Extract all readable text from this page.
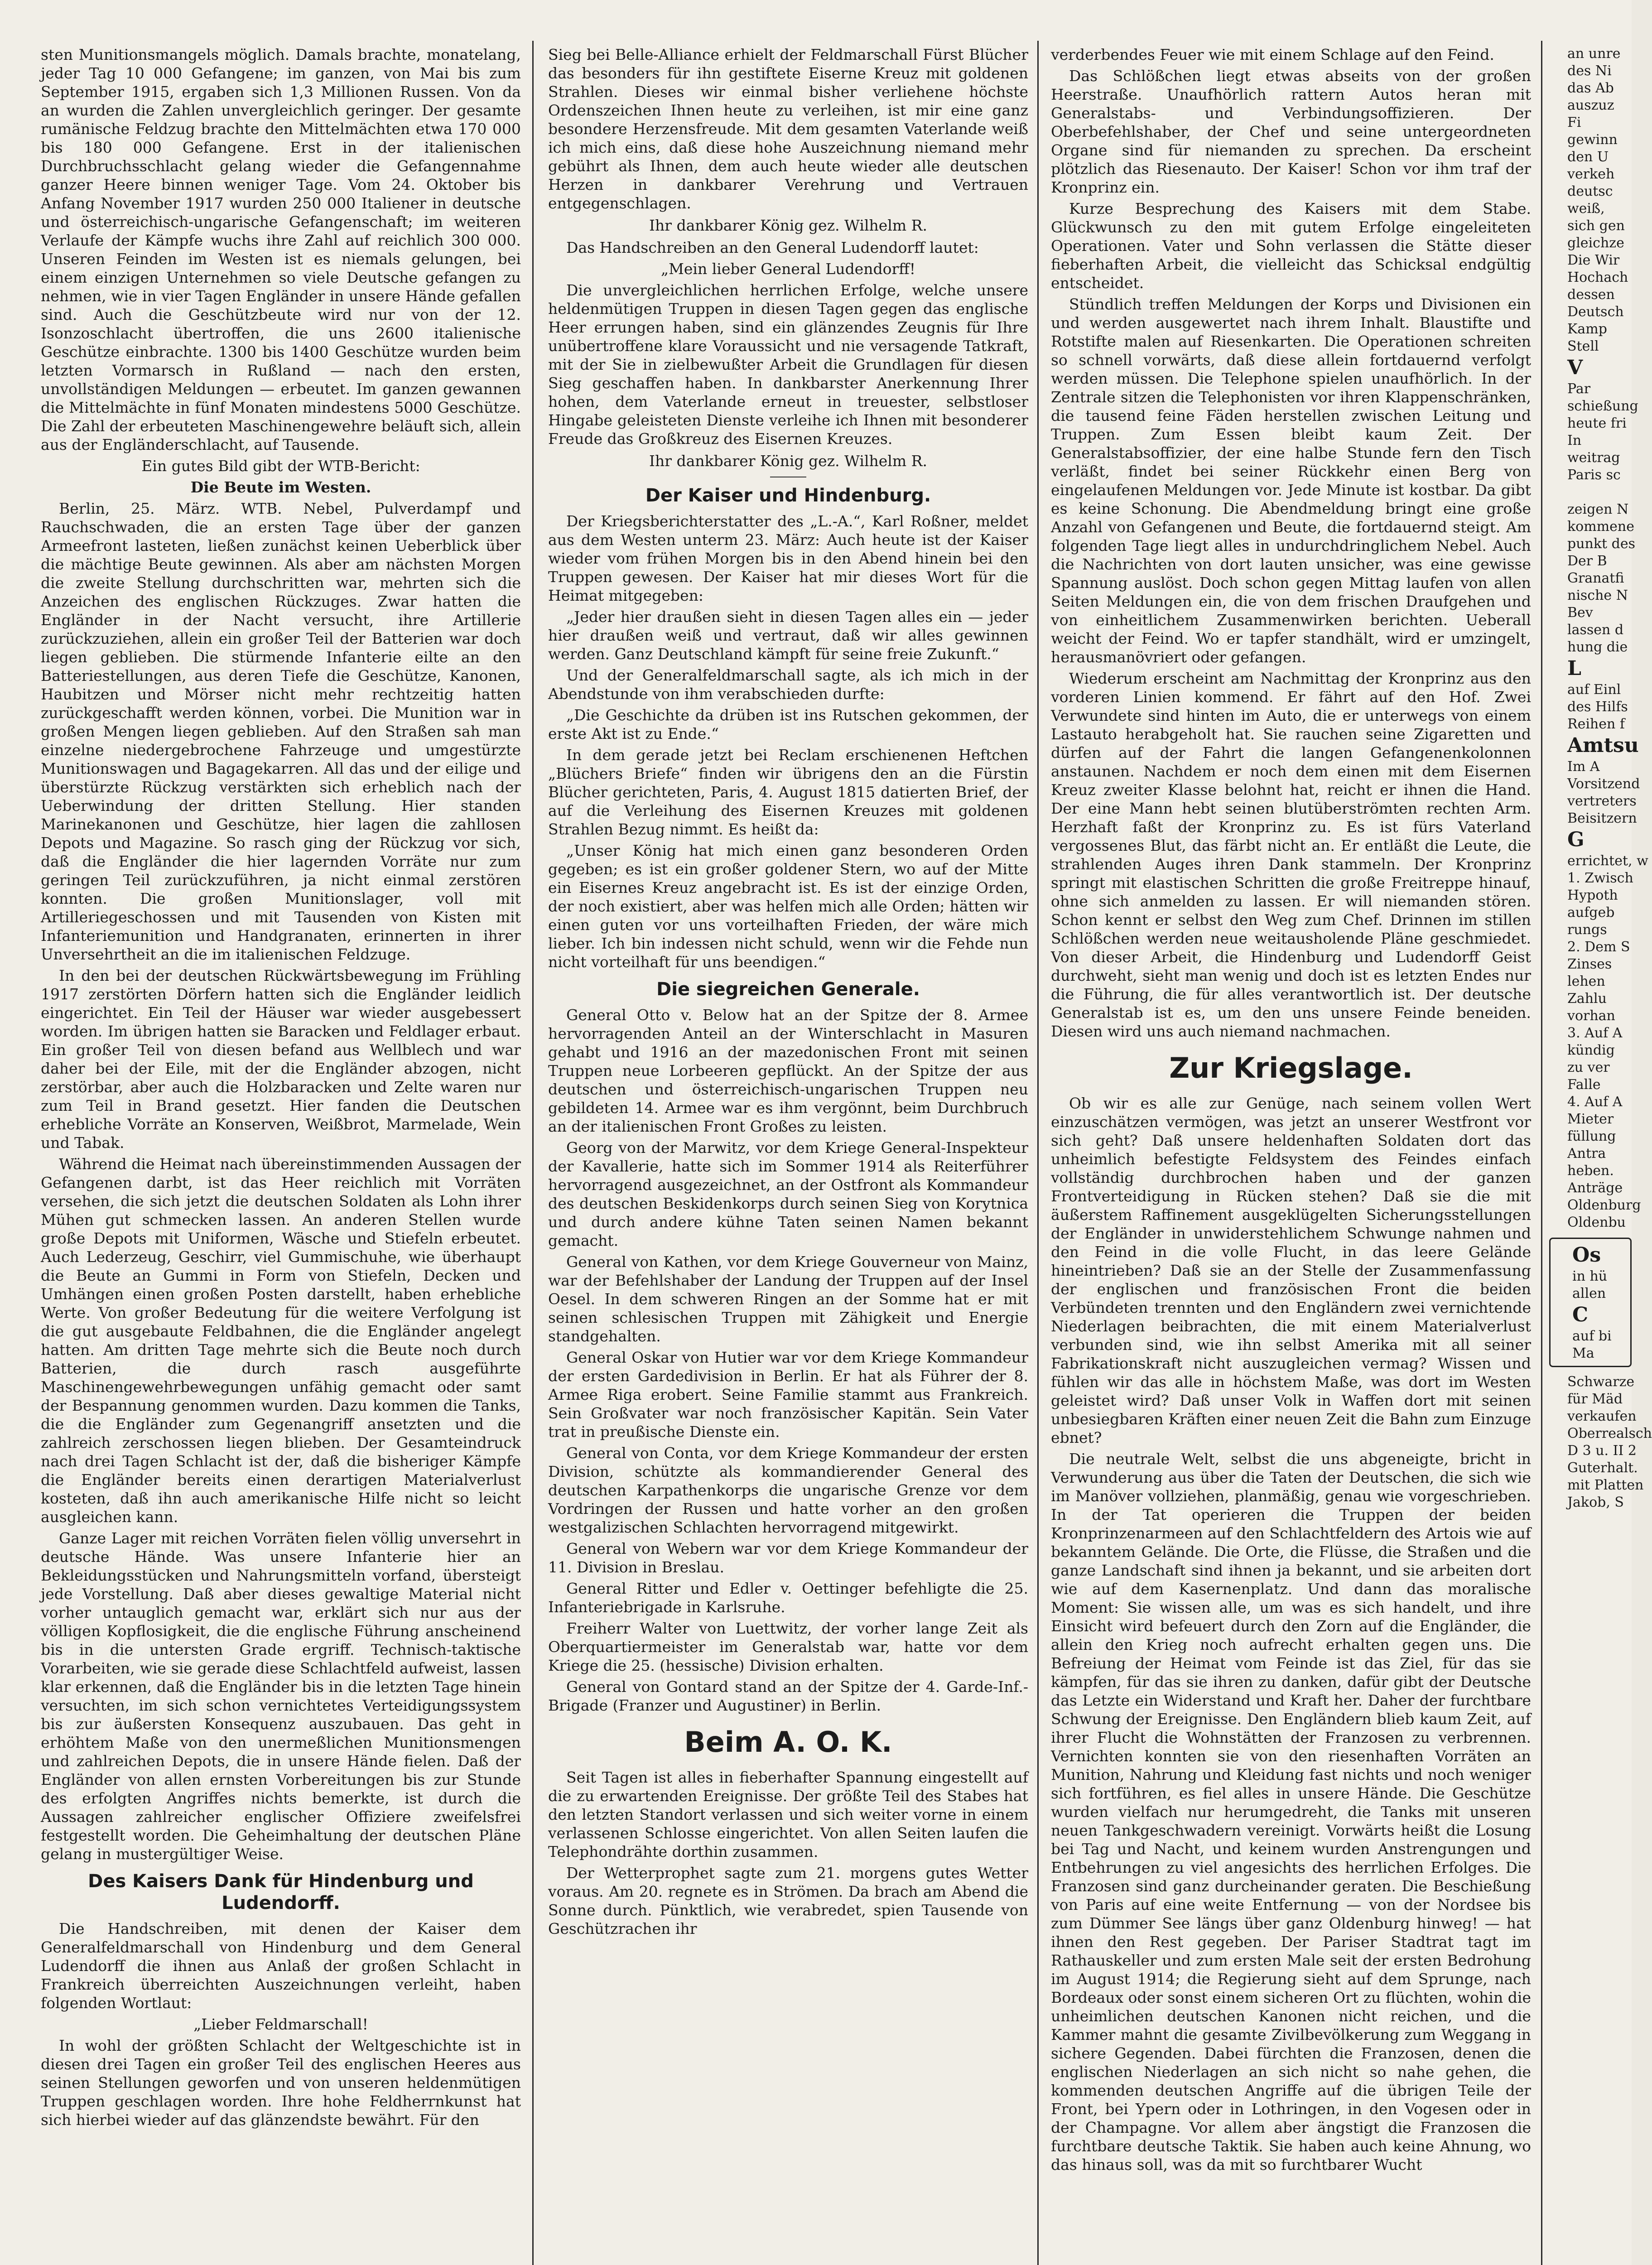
sten Munitionsmangels möglich. Damals brachte, monatelang, jeder Tag 10 000 Gefangene; im ganzen, von Mai bis zum September 1915, ergaben sich 1,3 Millionen Russen. Von da an wurden die Zahlen unvergleichlich geringer. Der gesamte rumänische Feldzug brachte den Mittelmächten etwa 170 000 bis 180 000 Gefangene. Erst in der italienischen Durchbruchsschlacht gelang wieder die Gefangennahme ganzer Heere binnen weniger Tage. Vom 24. Oktober bis Anfang November 1917 wurden 250 000 Italiener in deutsche und österreichisch-ungarische Gefangenschaft; im weiteren Verlaufe der Kämpfe wuchs ihre Zahl auf reichlich 300 000. Unseren Feinden im Westen ist es niemals gelungen, bei einem einzigen Unternehmen so viele Deutsche gefangen zu nehmen, wie in vier Tagen Engländer in unsere Hände gefallen sind. Auch die Geschützbeute wird nur von der 12. Isonzoschlacht übertroffen, die uns 2600 italienische Geschütze einbrachte. 1300 bis 1400 Geschütze wurden beim letzten Vormarsch in Rußland — nach den ersten, unvollständigen Meldungen — erbeutet. Im ganzen gewannen die Mittelmächte in fünf Monaten mindestens 5000 Geschütze. Die Zahl der erbeuteten Maschinengewehre beläuft sich, allein aus der Engländerschlacht, auf Tausende.

Ein gutes Bild gibt der WTB-Bericht:

Die Beute im Westen.

Berlin, 25. März. WTB. Nebel, Pulverdampf und Rauchschwaden, die an ersten Tage über der ganzen Armeefront lasteten, ließen zunächst keinen Ueberblick über die mächtige Beute gewinnen. Als aber am nächsten Morgen die zweite Stellung durchschritten war, mehrten sich die Anzeichen des englischen Rückzuges. Zwar hatten die Engländer in der Nacht versucht, ihre Artillerie zurückzuziehen, allein ein großer Teil der Batterien war doch liegen geblieben. Die stürmende Infanterie eilte an den Batteriestellungen, aus deren Tiefe die Geschütze, Kanonen, Haubitzen und Mörser nicht mehr rechtzeitig hatten zurückgeschafft werden können, vorbei. Die Munition war in großen Mengen liegen geblieben. Auf den Straßen sah man einzelne niedergebrochene Fahrzeuge und umgestürzte Munitionswagen und Bagagekarren. All das und der eilige und überstürzte Rückzug verstärkten sich erheblich nach der Ueberwindung der dritten Stellung. Hier standen Marinekanonen und Geschütze, hier lagen die zahllosen Depots und Magazine. So rasch ging der Rückzug vor sich, daß die Engländer die hier lagernden Vorräte nur zum geringen Teil zurückzuführen, ja nicht einmal zerstören konnten. Die großen Munitionslager, voll mit Artilleriegeschossen und mit Tausenden von Kisten mit Infanteriemunition und Handgranaten, erinnerten in ihrer Unversehrtheit an die im italienischen Feldzuge.

In den bei der deutschen Rückwärtsbewegung im Frühling 1917 zerstörten Dörfern hatten sich die Engländer leidlich eingerichtet. Ein Teil der Häuser war wieder ausgebessert worden. Im übrigen hatten sie Baracken und Feldlager erbaut. Ein großer Teil von diesen befand aus Wellblech und war daher bei der Eile, mit der die Engländer abzogen, nicht zerstörbar, aber auch die Holzbaracken und Zelte waren nur zum Teil in Brand gesetzt. Hier fanden die Deutschen erhebliche Vorräte an Konserven, Weißbrot, Marmelade, Wein und Tabak.

Während die Heimat nach übereinstimmenden Aussagen der Gefangenen darbt, ist das Heer reichlich mit Vorräten versehen, die sich jetzt die deutschen Soldaten als Lohn ihrer Mühen gut schmecken lassen. An anderen Stellen wurde große Depots mit Uniformen, Wäsche und Stiefeln erbeutet. Auch Lederzeug, Geschirr, viel Gummischuhe, wie überhaupt die Beute an Gummi in Form von Stiefeln, Decken und Umhängen einen großen Posten darstellt, haben erhebliche Werte. Von großer Bedeutung für die weitere Verfolgung ist die gut ausgebaute Feldbahnen, die die Engländer angelegt hatten. Am dritten Tage mehrte sich die Beute noch durch Batterien, die durch rasch ausgeführte Maschinengewehrbewegungen unfähig gemacht oder samt der Bespannung genommen wurden. Dazu kommen die Tanks, die die Engländer zum Gegenangriff ansetzten und die zahlreich zerschossen liegen blieben. Der Gesamteindruck nach drei Tagen Schlacht ist der, daß die bisheriger Kämpfe die Engländer bereits einen derartigen Materialverlust kosteten, daß ihn auch amerikanische Hilfe nicht so leicht ausgleichen kann.

Ganze Lager mit reichen Vorräten fielen völlig unversehrt in deutsche Hände. Was unsere Infanterie hier an Bekleidungsstücken und Nahrungsmitteln vorfand, übersteigt jede Vorstellung. Daß aber dieses gewaltige Material nicht vorher untauglich gemacht war, erklärt sich nur aus der völligen Kopflosigkeit, die die englische Führung anscheinend bis in die untersten Grade ergriff. Technisch-taktische Vorarbeiten, wie sie gerade diese Schlachtfeld aufweist, lassen klar erkennen, daß die Engländer bis in die letzten Tage hinein versuchten, im sich schon vernichtetes Verteidigungssystem bis zur äußersten Konsequenz auszubauen. Das geht in erhöhtem Maße von den unermeßlichen Munitionsmengen und zahlreichen Depots, die in unsere Hände fielen. Daß der Engländer von allen ernsten Vorbereitungen bis zur Stunde des erfolgten Angriffes nichts bemerkte, ist durch die Aussagen zahlreicher englischer Offiziere zweifelsfrei festgestellt worden. Die Geheimhaltung der deutschen Pläne gelang in mustergültiger Weise.

Des Kaisers Dank für Hindenburg und Ludendorff.

Die Handschreiben, mit denen der Kaiser dem Generalfeldmarschall von Hindenburg und dem General Ludendorff die ihnen aus Anlaß der großen Schlacht in Frankreich überreichten Auszeichnungen verleiht, haben folgenden Wortlaut:

„Lieber Feldmarschall!

In wohl der größten Schlacht der Weltgeschichte ist in diesen drei Tagen ein großer Teil des englischen Heeres aus seinen Stellungen geworfen und von unseren heldenmütigen Truppen geschlagen worden. Ihre hohe Feldherrnkunst hat sich hierbei wieder auf das glänzendste bewährt. Für den

Sieg bei Belle-Alliance erhielt der Feldmarschall Fürst Blücher das besonders für ihn gestiftete Eiserne Kreuz mit goldenen Strahlen. Dieses wir einmal bisher verliehene höchste Ordenszeichen Ihnen heute zu verleihen, ist mir eine ganz besondere Herzensfreude. Mit dem gesamten Vaterlande weiß ich mich eins, daß diese hohe Auszeichnung niemand mehr gebührt als Ihnen, dem auch heute wieder alle deutschen Herzen in dankbarer Verehrung und Vertrauen entgegenschlagen.

Ihr dankbarer König gez. Wilhelm R.

Das Handschreiben an den General Ludendorff lautet:

„Mein lieber General Ludendorff!

Die unvergleichlichen herrlichen Erfolge, welche unsere heldenmütigen Truppen in diesen Tagen gegen das englische Heer errungen haben, sind ein glänzendes Zeugnis für Ihre unübertroffene klare Voraussicht und nie versagende Tatkraft, mit der Sie in zielbewußter Arbeit die Grundlagen für diesen Sieg geschaffen haben. In dankbarster Anerkennung Ihrer hohen, dem Vaterlande erneut in treuester, selbstloser Hingabe geleisteten Dienste verleihe ich Ihnen mit besonderer Freude das Großkreuz des Eisernen Kreuzes.

Ihr dankbarer König gez. Wilhelm R.

Der Kaiser und Hindenburg.

Der Kriegsberichterstatter des „L.-A.“, Karl Roßner, meldet aus dem Westen unterm 23. März: Auch heute ist der Kaiser wieder vom frühen Morgen bis in den Abend hinein bei den Truppen gewesen. Der Kaiser hat mir dieses Wort für die Heimat mitgegeben:

„Jeder hier draußen sieht in diesen Tagen alles ein — jeder hier draußen weiß und vertraut, daß wir alles gewinnen werden. Ganz Deutschland kämpft für seine freie Zukunft.“

Und der Generalfeldmarschall sagte, als ich mich in der Abendstunde von ihm verabschieden durfte:

„Die Geschichte da drüben ist ins Rutschen gekommen, der erste Akt ist zu Ende.“

In dem gerade jetzt bei Reclam erschienenen Heftchen „Blüchers Briefe“ finden wir übrigens den an die Fürstin Blücher gerichteten, Paris, 4. August 1815 datierten Brief, der auf die Verleihung des Eisernen Kreuzes mit goldenen Strahlen Bezug nimmt. Es heißt da:

„Unser König hat mich einen ganz besonderen Orden gegeben; es ist ein großer goldener Stern, wo auf der Mitte ein Eisernes Kreuz angebracht ist. Es ist der einzige Orden, der noch existiert, aber was helfen mich alle Orden; hätten wir einen guten vor uns vorteilhaften Frieden, der wäre mich lieber. Ich bin indessen nicht schuld, wenn wir die Fehde nun nicht vorteilhaft für uns beendigen.“

Die siegreichen Generale.

General Otto v. Below hat an der Spitze der 8. Armee hervorragenden Anteil an der Winterschlacht in Masuren gehabt und 1916 an der mazedonischen Front mit seinen Truppen neue Lorbeeren gepflückt. An der Spitze der aus deutschen und österreichisch-ungarischen Truppen neu gebildeten 14. Armee war es ihm vergönnt, beim Durchbruch an der italienischen Front Großes zu leisten.

Georg von der Marwitz, vor dem Kriege General-Inspekteur der Kavallerie, hatte sich im Sommer 1914 als Reiterführer hervorragend ausgezeichnet, an der Ostfront als Kommandeur des deutschen Beskidenkorps durch seinen Sieg von Korytnica und durch andere kühne Taten seinen Namen bekannt gemacht.

General von Kathen, vor dem Kriege Gouverneur von Mainz, war der Befehlshaber der Landung der Truppen auf der Insel Oesel. In dem schweren Ringen an der Somme hat er mit seinen schlesischen Truppen mit Zähigkeit und Energie standgehalten.

General Oskar von Hutier war vor dem Kriege Kommandeur der ersten Gardedivision in Berlin. Er hat als Führer der 8. Armee Riga erobert. Seine Familie stammt aus Frankreich. Sein Großvater war noch französischer Kapitän. Sein Vater trat in preußische Dienste ein.

General von Conta, vor dem Kriege Kommandeur der ersten Division, schützte als kommandierender General des deutschen Karpathenkorps die ungarische Grenze vor dem Vordringen der Russen und hatte vorher an den großen westgalizischen Schlachten hervorragend mitgewirkt.

General von Webern war vor dem Kriege Kommandeur der 11. Division in Breslau.

General Ritter und Edler v. Oettinger befehligte die 25. Infanteriebrigade in Karlsruhe.

Freiherr Walter von Luettwitz, der vorher lange Zeit als Oberquartiermeister im Generalstab war, hatte vor dem Kriege die 25. (hessische) Division erhalten.

General von Gontard stand an der Spitze der 4. Garde-Inf.-Brigade (Franzer und Augustiner) in Berlin.

Beim A. O. K.

Seit Tagen ist alles in fieberhafter Spannung eingestellt auf die zu erwartenden Ereignisse. Der größte Teil des Stabes hat den letzten Standort verlassen und sich weiter vorne in einem verlassenen Schlosse eingerichtet. Von allen Seiten laufen die Telephondrähte dorthin zusammen.

Der Wetterprophet sagte zum 21. morgens gutes Wetter voraus. Am 20. regnete es in Strömen. Da brach am Abend die Sonne durch. Pünktlich, wie verabredet, spien Tausende von Geschützrachen ihr

verderbendes Feuer wie mit einem Schlage auf den Feind.

Das Schlößchen liegt etwas abseits von der großen Heerstraße. Unaufhörlich rattern Autos heran mit Generalstabs- und Verbindungsoffizieren. Der Oberbefehlshaber, der Chef und seine untergeordneten Organe sind für niemanden zu sprechen. Da erscheint plötzlich das Riesenauto. Der Kaiser! Schon vor ihm traf der Kronprinz ein.

Kurze Besprechung des Kaisers mit dem Stabe. Glückwunsch zu den mit gutem Erfolge eingeleiteten Operationen. Vater und Sohn verlassen die Stätte dieser fieberhaften Arbeit, die vielleicht das Schicksal endgültig entscheidet.

Stündlich treffen Meldungen der Korps und Divisionen ein und werden ausgewertet nach ihrem Inhalt. Blaustifte und Rotstifte malen auf Riesenkarten. Die Operationen schreiten so schnell vorwärts, daß diese allein fortdauernd verfolgt werden müssen. Die Telephone spielen unaufhörlich. In der Zentrale sitzen die Telephonisten vor ihren Klappenschränken, die tausend feine Fäden herstellen zwischen Leitung und Truppen. Zum Essen bleibt kaum Zeit. Der Generalstabsoffizier, der eine halbe Stunde fern den Tisch verläßt, findet bei seiner Rückkehr einen Berg von eingelaufenen Meldungen vor. Jede Minute ist kostbar. Da gibt es keine Schonung. Die Abendmeldung bringt eine große Anzahl von Gefangenen und Beute, die fortdauernd steigt. Am folgenden Tage liegt alles in undurchdringlichem Nebel. Auch die Nachrichten von dort lauten unsicher, was eine gewisse Spannung auslöst. Doch schon gegen Mittag laufen von allen Seiten Meldungen ein, die von dem frischen Draufgehen und von einheitlichem Zusammenwirken berichten. Ueberall weicht der Feind. Wo er tapfer standhält, wird er umzingelt, herausmanövriert oder gefangen.

Wiederum erscheint am Nachmittag der Kronprinz aus den vorderen Linien kommend. Er fährt auf den Hof. Zwei Verwundete sind hinten im Auto, die er unterwegs von einem Lastauto herabgeholt hat. Sie rauchen seine Zigaretten und dürfen auf der Fahrt die langen Gefangenenkolonnen anstaunen. Nachdem er noch dem einen mit dem Eisernen Kreuz zweiter Klasse belohnt hat, reicht er ihnen die Hand. Der eine Mann hebt seinen blutüberströmten rechten Arm. Herzhaft faßt der Kronprinz zu. Es ist fürs Vaterland vergossenes Blut, das färbt nicht an. Er entläßt die Leute, die strahlenden Auges ihren Dank stammeln. Der Kronprinz springt mit elastischen Schritten die große Freitreppe hinauf, ohne sich anmelden zu lassen. Er will niemanden stören. Schon kennt er selbst den Weg zum Chef. Drinnen im stillen Schlößchen werden neue weitausholende Pläne geschmiedet. Von dieser Arbeit, die Hindenburg und Ludendorff Geist durchweht, sieht man wenig und doch ist es letzten Endes nur die Führung, die für alles verantwortlich ist. Der deutsche Generalstab ist es, um den uns unsere Feinde beneiden. Diesen wird uns auch niemand nachmachen.

Zur Kriegslage.

Ob wir es alle zur Genüge, nach seinem vollen Wert einzuschätzen vermögen, was jetzt an unserer Westfront vor sich geht? Daß unsere heldenhaften Soldaten dort das unheimlich befestigte Feldsystem des Feindes einfach vollständig durchbrochen haben und der ganzen Frontverteidigung in Rücken stehen? Daß sie die mit äußerstem Raffinement ausgeklügelten Sicherungsstellungen der Engländer in unwiderstehlichem Schwunge nahmen und den Feind in die volle Flucht, in das leere Gelände hineintrieben? Daß sie an der Stelle der Zusammenfassung der englischen und französischen Front die beiden Verbündeten trennten und den Engländern zwei vernichtende Niederlagen beibrachten, die mit einem Materialverlust verbunden sind, wie ihn selbst Amerika mit all seiner Fabrikationskraft nicht auszugleichen vermag? Wissen und fühlen wir das alle in höchstem Maße, was dort im Westen geleistet wird? Daß unser Volk in Waffen dort mit seinen unbesiegbaren Kräften einer neuen Zeit die Bahn zum Einzuge ebnet?

Die neutrale Welt, selbst die uns abgeneigte, bricht in Verwunderung aus über die Taten der Deutschen, die sich wie im Manöver vollziehen, planmäßig, genau wie vorgeschrieben. In der Tat operieren die Truppen der beiden Kronprinzenarmeen auf den Schlachtfeldern des Artois wie auf bekanntem Gelände. Die Orte, die Flüsse, die Straßen und die ganze Landschaft sind ihnen ja bekannt, und sie arbeiten dort wie auf dem Kasernenplatz. Und dann das moralische Moment: Sie wissen alle, um was es sich handelt, und ihre Einsicht wird befeuert durch den Zorn auf die Engländer, die allein den Krieg noch aufrecht erhalten gegen uns. Die Befreiung der Heimat vom Feinde ist das Ziel, für das sie kämpfen, für das sie ihren zu danken, dafür gibt der Deutsche das Letzte ein Widerstand und Kraft her. Daher der furchtbare Schwung der Ereignisse. Den Engländern blieb kaum Zeit, auf ihrer Flucht die Wohnstätten der Franzosen zu verbrennen. Vernichten konnten sie von den riesenhaften Vorräten an Munition, Nahrung und Kleidung fast nichts und noch weniger sich fortführen, es fiel alles in unsere Hände. Die Geschütze wurden vielfach nur herumgedreht, die Tanks mit unseren neuen Tankgeschwadern vereinigt. Vorwärts heißt die Losung bei Tag und Nacht, und keinem wurden Anstrengungen und Entbehrungen zu viel angesichts des herrlichen Erfolges. Die Franzosen sind ganz durcheinander geraten. Die Beschießung von Paris auf eine weite Entfernung — von der Nordsee bis zum Dümmer See längs über ganz Oldenburg hinweg! — hat ihnen den Rest gegeben. Der Pariser Stadtrat tagt im Rathauskeller und zum ersten Male seit der ersten Bedrohung im August 1914; die Regierung sieht auf dem Sprunge, nach Bordeaux oder sonst einem sicheren Ort zu flüchten, wohin die unheimlichen deutschen Kanonen nicht reichen, und die Kammer mahnt die gesamte Zivilbevölkerung zum Weggang in sichere Gegenden. Dabei fürchten die Franzosen, denen die englischen Niederlagen an sich nicht so nahe gehen, die kommenden deutschen Angriffe auf die übrigen Teile der Front, bei Ypern oder in Lothringen, in den Vogesen oder in der Champagne. Vor allem aber ängstigt die Franzosen die furchtbare deutsche Taktik. Sie haben auch keine Ahnung, wo das hinaus soll, was da mit so furchtbarer Wucht

an unre

des Ni

das Ab

auszuz

Fi

gewinn

den U

verkeh

deutsc

weiß,

sich gen

gleichze

Die Wir

Hochach

dessen

Deutsch

Kamp

Stell

V

Par

schießung

heute fri

In

weitrag

Paris sc

zeigen N

kommene

punkt des

Der B

Granatfi

nische N

Bev

lassen d

hung die

L

auf Einl

des Hilfs

Reihen f

Amtsu

Im A

Vorsitzend

vertreters

Beisitzern

G

errichtet, w

1. Zwisch

Hypoth

aufgeb

rungs

2. Dem S

Zinses

lehen

Zahlu

vorhan

3. Auf A

kündig

zu ver

Falle

4. Auf A

Mieter

füllung

Antra

heben.

Anträge

Oldenburg

Oldenbu

Os

in hü

allen

C

auf bi

Ma

Schwarze

für Mäd

verkaufen

Oberrealsch

D 3 u. II 2

Guterhalt.

mit Platten

Jakob, S
